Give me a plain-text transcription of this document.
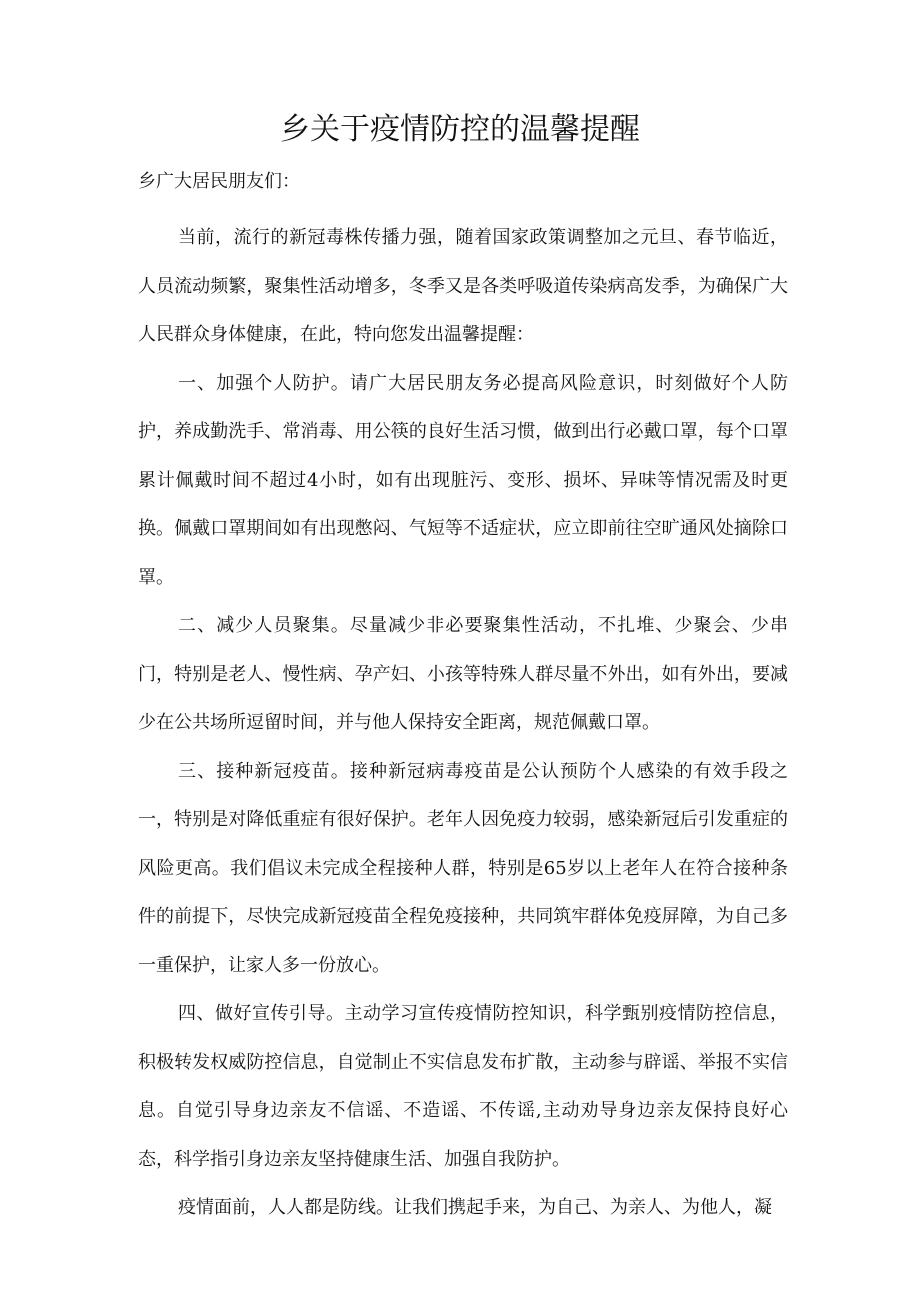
乡关于疫情防控的温馨提醒

乡广大居民朋友们：

当前，流行的新冠毒株传播力强，随着国家政策调整加之元旦、春节临近，人员流动频繁，聚集性活动增多，冬季又是各类呼吸道传染病高发季，为确保广大人民群众身体健康，在此，特向您发出温馨提醒：

一、加强个人防护。请广大居民朋友务必提高风险意识，时刻做好个人防护，养成勤洗手、常消毒、用公筷的良好生活习惯，做到出行必戴口罩，每个口罩累计佩戴时间不超过4小时，如有出现脏污、变形、损坏、异味等情况需及时更换。佩戴口罩期间如有出现憋闷、气短等不适症状，应立即前往空旷通风处摘除口罩。

二、减少人员聚集。尽量减少非必要聚集性活动，不扎堆、少聚会、少串门，特别是老人、慢性病、孕产妇、小孩等特殊人群尽量不外出，如有外出，要减少在公共场所逗留时间，并与他人保持安全距离，规范佩戴口罩。

三、接种新冠疫苗。接种新冠病毒疫苗是公认预防个人感染的有效手段之一，特别是对降低重症有很好保护。老年人因免疫力较弱，感染新冠后引发重症的风险更高。我们倡议未完成全程接种人群，特别是65岁以上老年人在符合接种条件的前提下，尽快完成新冠疫苗全程免疫接种，共同筑牢群体免疫屏障，为自己多一重保护，让家人多一份放心。

四、做好宣传引导。主动学习宣传疫情防控知识，科学甄别疫情防控信息，积极转发权威防控信息，自觉制止不实信息发布扩散，主动参与辟谣、举报不实信息。自觉引导身边亲友不信谣、不造谣、不传谣,主动劝导身边亲友保持良好心态，科学指引身边亲友坚持健康生活、加强自我防护。

疫情面前，人人都是防线。让我们携起手来，为自己、为亲人、为他人，凝
